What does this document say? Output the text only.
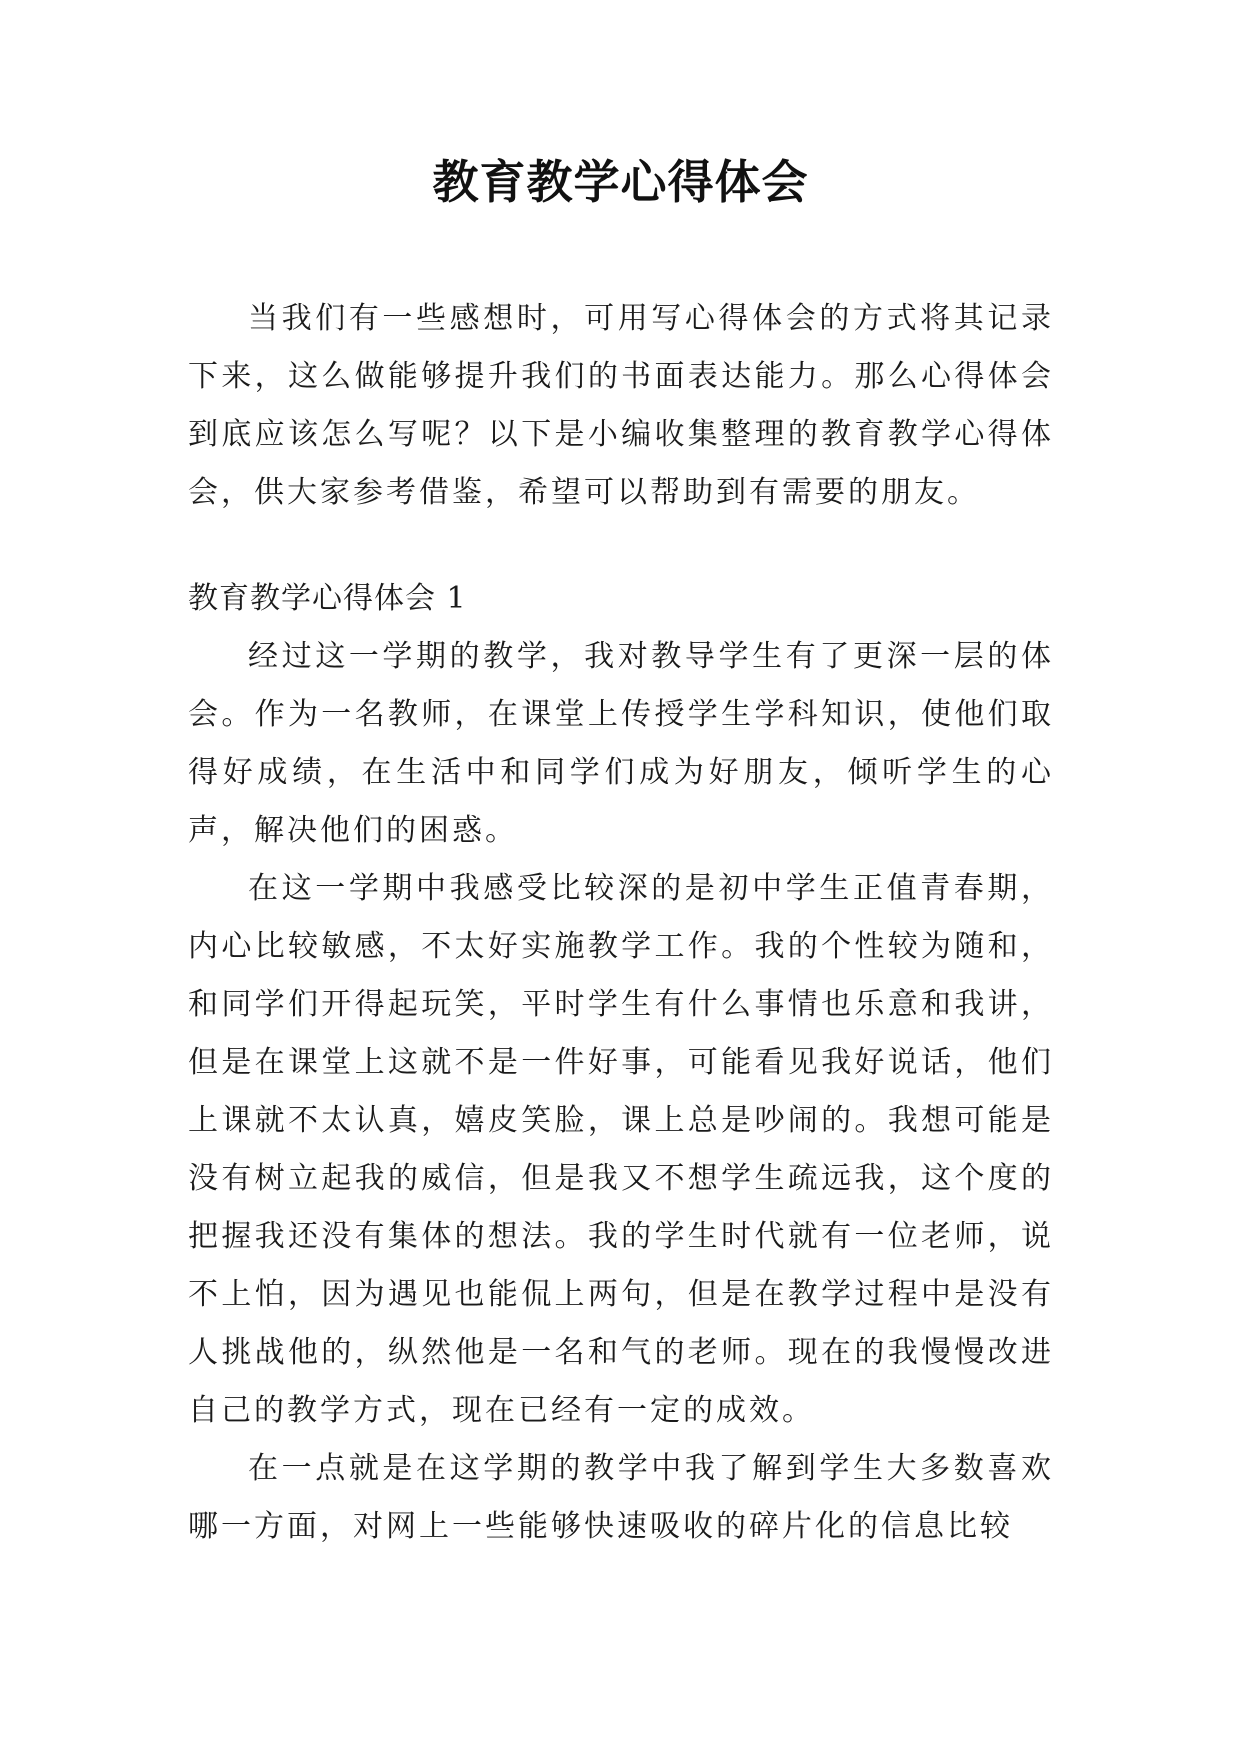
教育教学心得体会

当我们有一些感想时，可用写心得体会的方式将其记录下来，这么做能够提升我们的书面表达能力。那么心得体会到底应该怎么写呢？以下是小编收集整理的教育教学心得体会，供大家参考借鉴，希望可以帮助到有需要的朋友。

教育教学心得体会 1

经过这一学期的教学，我对教导学生有了更深一层的体会。作为一名教师，在课堂上传授学生学科知识，使他们取得好成绩，在生活中和同学们成为好朋友，倾听学生的心声，解决他们的困惑。

在这一学期中我感受比较深的是初中学生正值青春期，内心比较敏感，不太好实施教学工作。我的个性较为随和，和同学们开得起玩笑，平时学生有什么事情也乐意和我讲，但是在课堂上这就不是一件好事，可能看见我好说话，他们上课就不太认真，嬉皮笑脸，课上总是吵闹的。我想可能是没有树立起我的威信，但是我又不想学生疏远我，这个度的把握我还没有集体的想法。我的学生时代就有一位老师，说不上怕，因为遇见也能侃上两句，但是在教学过程中是没有人挑战他的，纵然他是一名和气的老师。现在的我慢慢改进自己的教学方式，现在已经有一定的成效。

在一点就是在这学期的教学中我了解到学生大多数喜欢哪一方面，对网上一些能够快速吸收的碎片化的信息比较
